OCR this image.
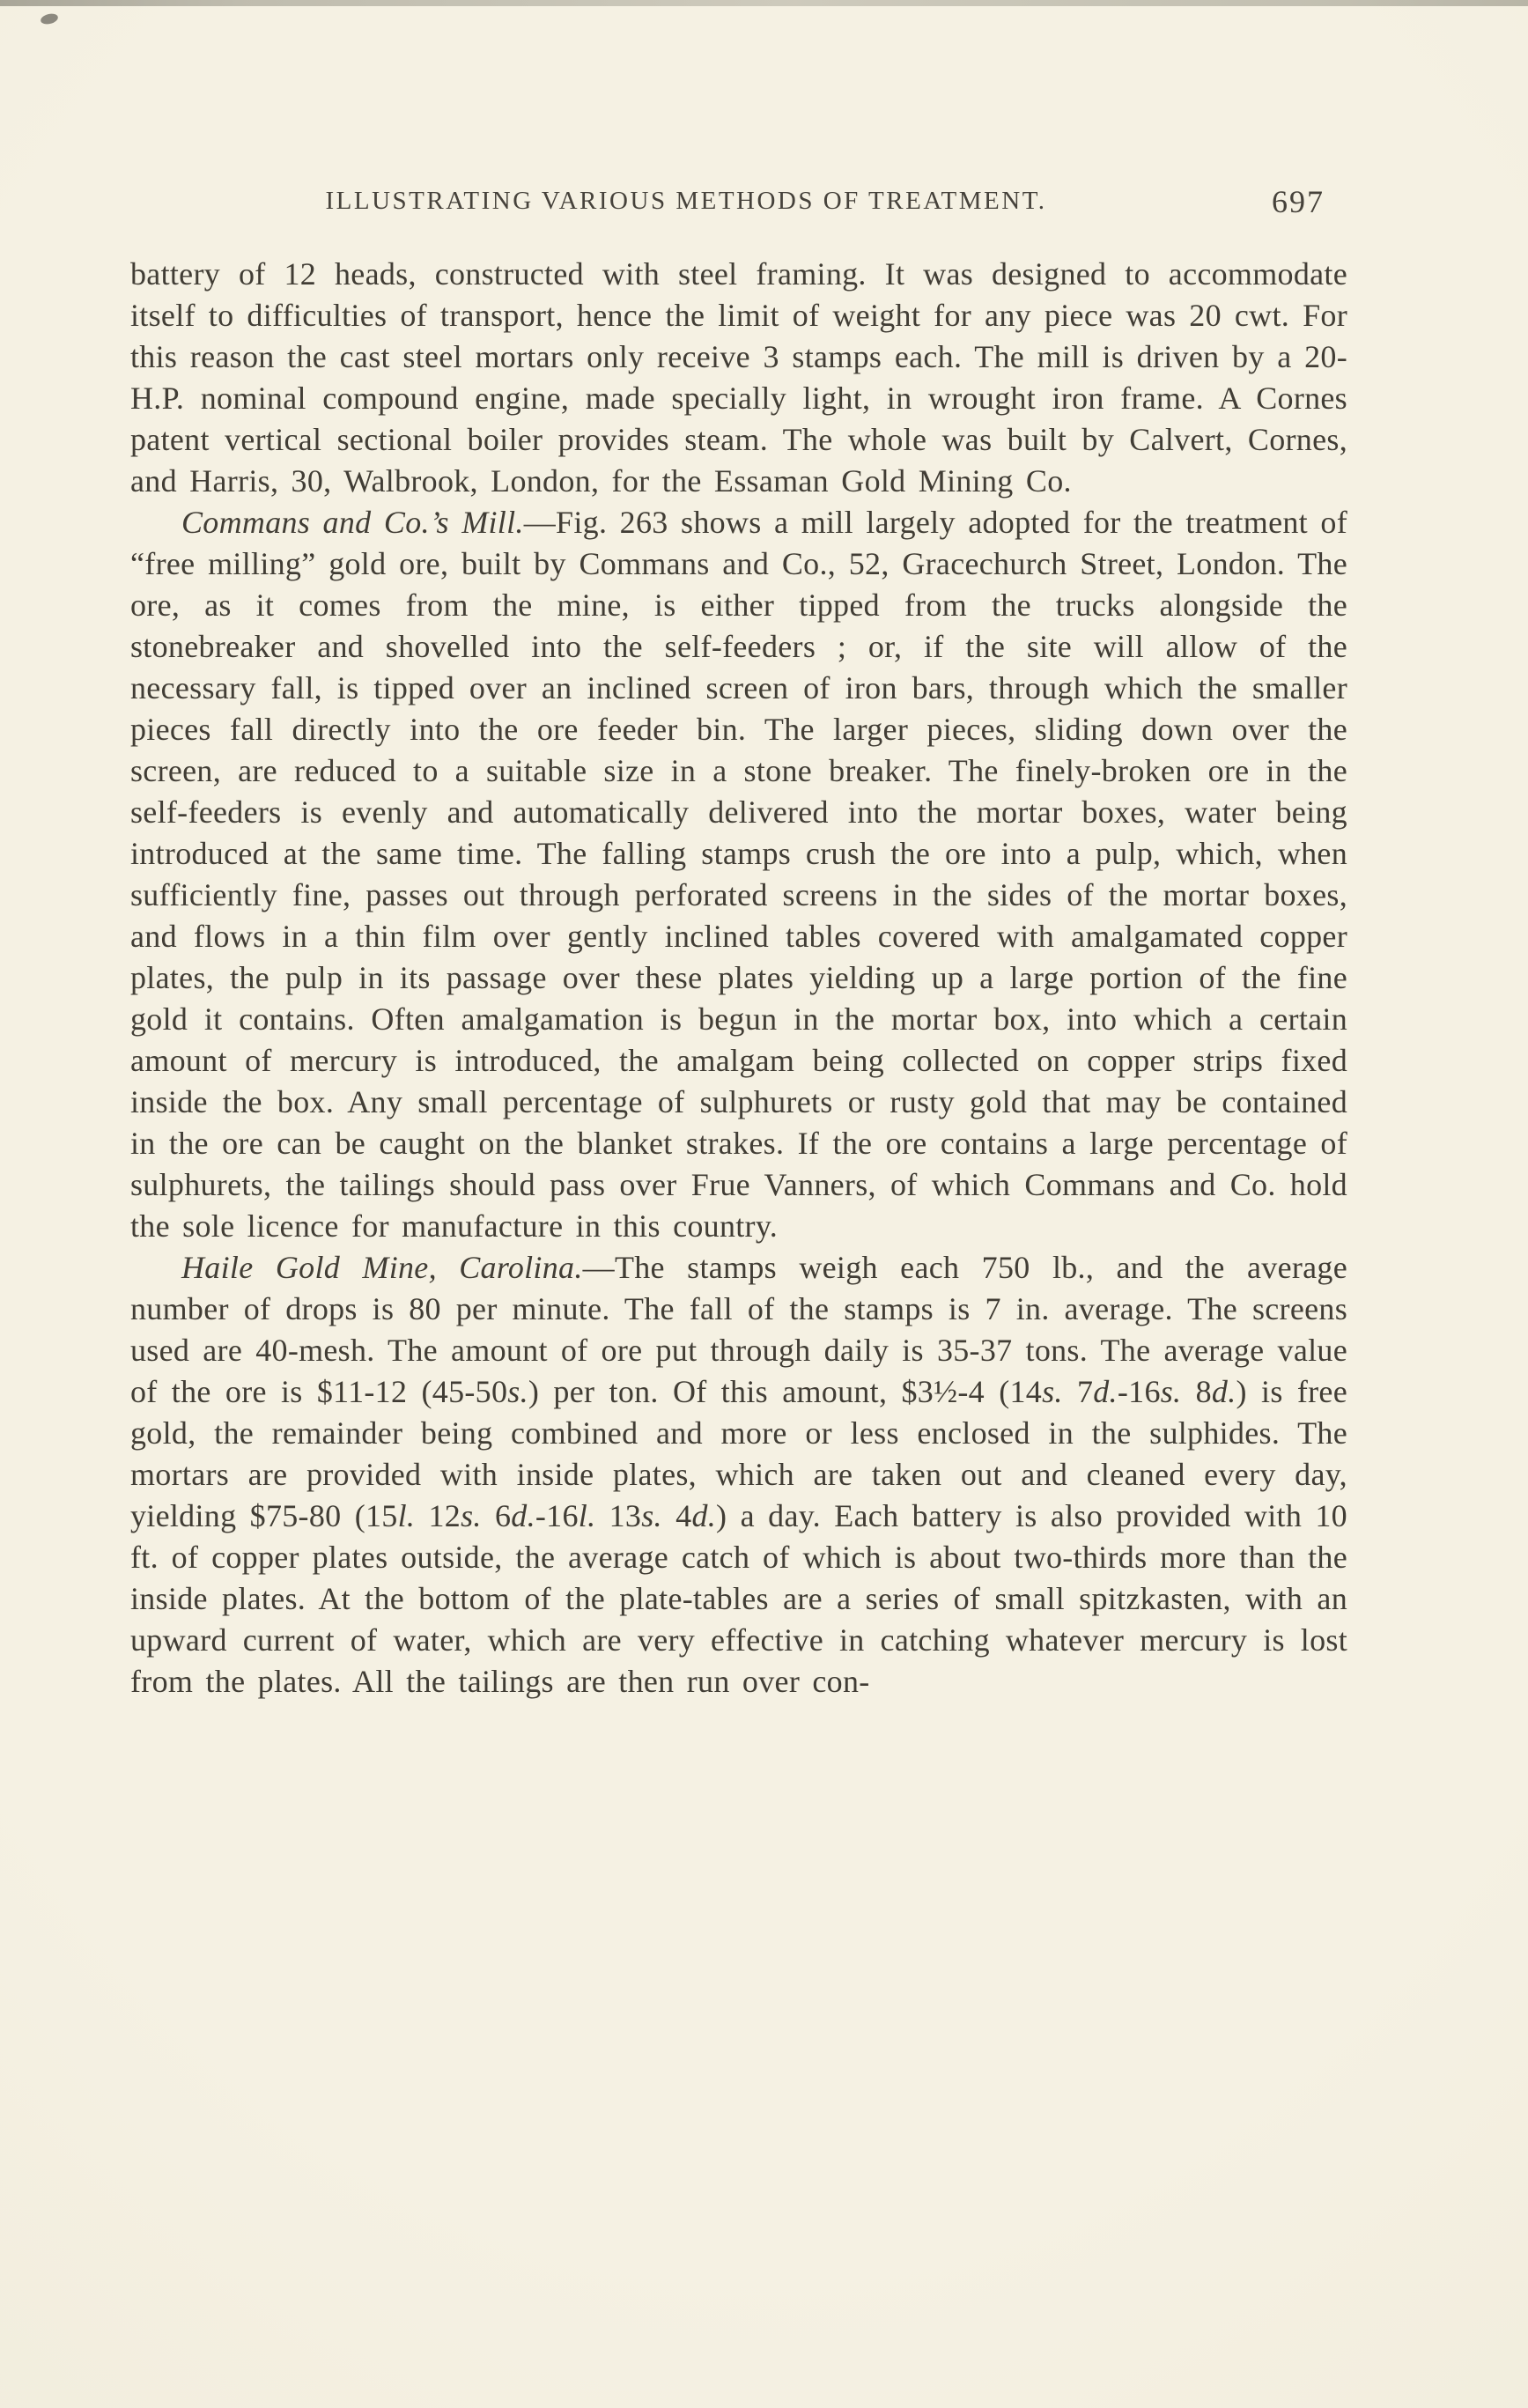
ILLUSTRATING VARIOUS METHODS OF TREATMENT.	697

battery of 12 heads, constructed with steel framing. It was designed to accommodate itself to difficulties of transport, hence the limit of weight for any piece was 20 cwt. For this reason the cast steel mortars only receive 3 stamps each. The mill is driven by a 20-H.P. nominal compound engine, made specially light, in wrought iron frame. A Cornes patent vertical sectional boiler provides steam. The whole was built by Calvert, Cornes, and Harris, 30, Walbrook, London, for the Essaman Gold Mining Co.

Commans and Co.’s Mill.—Fig. 263 shows a mill largely adopted for the treatment of “free milling” gold ore, built by Commans and Co., 52, Gracechurch Street, London. The ore, as it comes from the mine, is either tipped from the trucks alongside the stonebreaker and shovelled into the self-feeders ; or, if the site will allow of the necessary fall, is tipped over an inclined screen of iron bars, through which the smaller pieces fall directly into the ore feeder bin. The larger pieces, sliding down over the screen, are reduced to a suitable size in a stone breaker. The finely-broken ore in the self-feeders is evenly and automatically delivered into the mortar boxes, water being introduced at the same time. The falling stamps crush the ore into a pulp, which, when sufficiently fine, passes out through perforated screens in the sides of the mortar boxes, and flows in a thin film over gently inclined tables covered with amalgamated copper plates, the pulp in its passage over these plates yielding up a large portion of the fine gold it contains. Often amalgamation is begun in the mortar box, into which a certain amount of mercury is introduced, the amalgam being collected on copper strips fixed inside the box. Any small percentage of sulphurets or rusty gold that may be contained in the ore can be caught on the blanket strakes. If the ore contains a large percentage of sulphurets, the tailings should pass over Frue Vanners, of which Commans and Co. hold the sole licence for manufacture in this country.

Haile Gold Mine, Carolina.—The stamps weigh each 750 lb., and the average number of drops is 80 per minute. The fall of the stamps is 7 in. average. The screens used are 40-mesh. The amount of ore put through daily is 35-37 tons. The average value of the ore is $11-12 (45-50s.) per ton. Of this amount, $3½-4 (14s. 7d.-16s. 8d.) is free gold, the remainder being combined and more or less enclosed in the sulphides. The mortars are provided with inside plates, which are taken out and cleaned every day, yielding $75-80 (15l. 12s. 6d.-16l. 13s. 4d.) a day. Each battery is also provided with 10 ft. of copper plates outside, the average catch of which is about two-thirds more than the inside plates. At the bottom of the plate-tables are a series of small spitzkasten, with an upward current of water, which are very effective in catching whatever mercury is lost from the plates. All the tailings are then run over con-
